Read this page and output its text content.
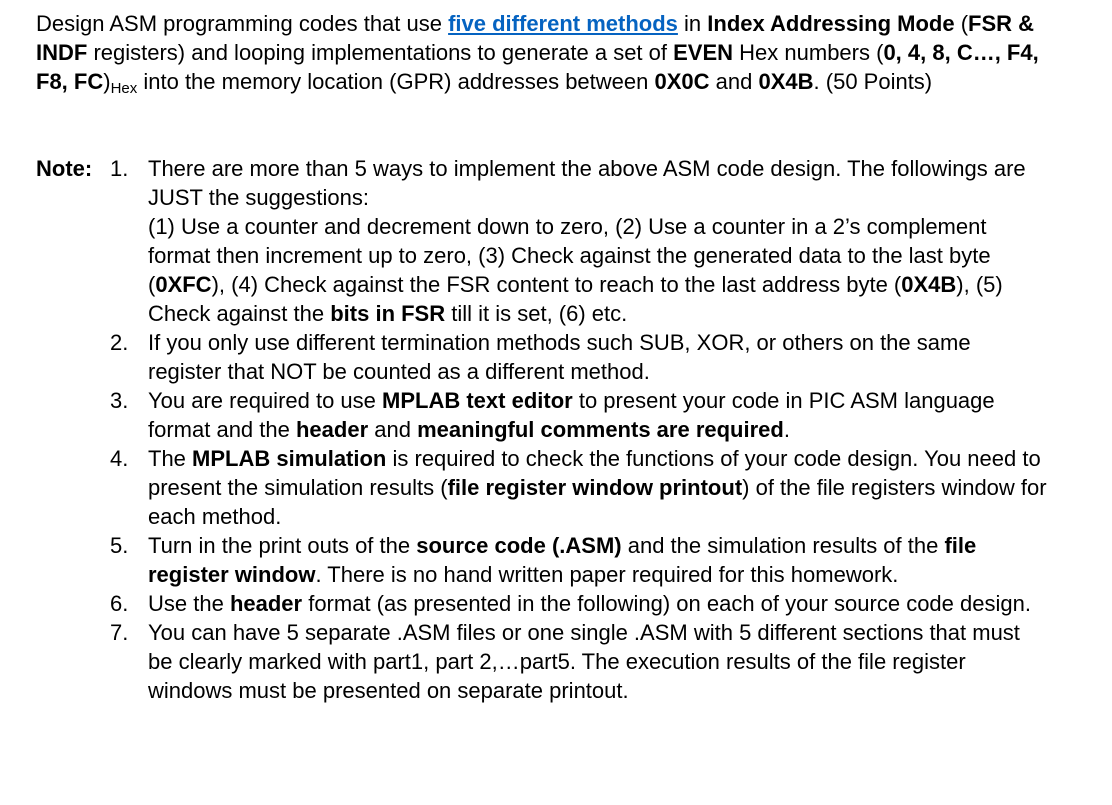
Design ASM programming codes that use five different methods in Index Addressing Mode (FSR & INDF registers) and looping implementations to generate a set of EVEN Hex numbers (0, 4, 8, C…, F4, F8, $FC)_{Hex}$ into the memory location (GPR) addresses between 0X0C and 0X4B. (50 Points)

Note: 1. There are more than 5 ways to implement the above ASM code design. The followings are JUST the suggestions:
(1) Use a counter and decrement down to zero, (2) Use a counter in a 2’s complement format then increment up to zero, (3) Check against the generated data to the last byte (0XFC), (4) Check against the FSR content to reach to the last address byte (0X4B), (5) Check against the bits in FSR till it is set, (6) etc.
2. If you only use different termination methods such SUB, XOR, or others on the same register that NOT be counted as a different method.
3. You are required to use MPLAB text editor to present your code in PIC ASM language format and the header and meaningful comments are required.
4. The MPLAB simulation is required to check the functions of your code design. You need to present the simulation results (file register window printout) of the file registers window for each method.
5. Turn in the print outs of the source code (.ASM) and the simulation results of the file register window. There is no hand written paper required for this homework.
6. Use the header format (as presented in the following) on each of your source code design.
7. You can have 5 separate .ASM files or one single .ASM with 5 different sections that must be clearly marked with part1, part 2,…part5. The execution results of the file register windows must be presented on separate printout.
